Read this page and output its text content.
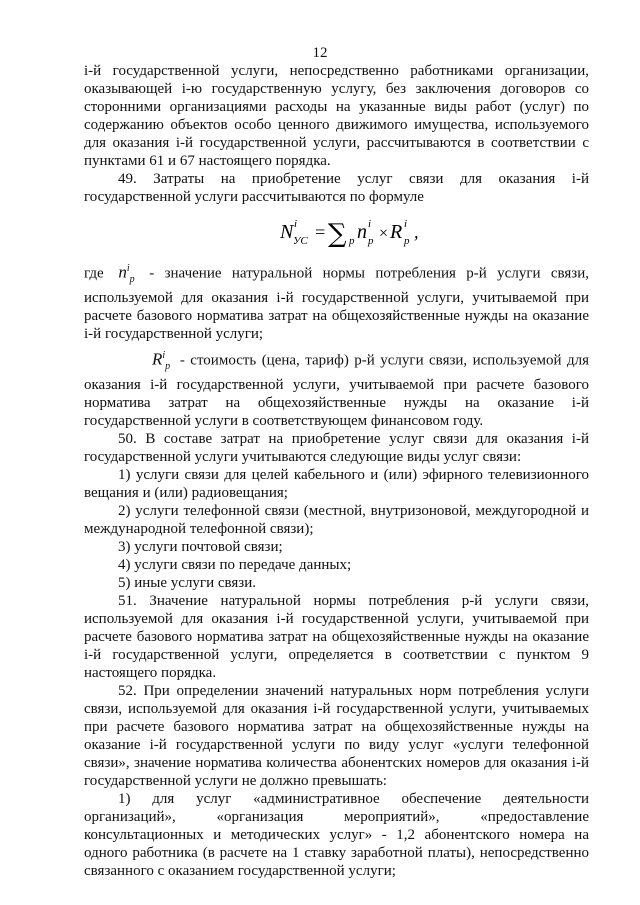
12

i-й государственной услуги, непосредственно работниками организации, оказывающей i-ю государственную услугу, без заключения договоров со сторонними организациями расходы на указанные виды работ (услуг) по содержанию объектов особо ценного движимого имущества, используемого для оказания i-й государственной услуги, рассчитываются в соответствии с пунктами 61 и 67 настоящего порядка.

49. Затраты на приобретение услуг связи для оказания i-й государственной услуги рассчитываются по формуле

N i
УС = ∑ p n i
p × R i
p ,

где  $n^i_p$ - значение натуральной нормы потребления р-й услуги связи, используемой для оказания i-й государственной услуги, учитываемой при расчете базового норматива затрат на общехозяйственные нужды на оказание i-й государственной услуги;

$R^i_p$ - стоимость (цена, тариф) р-й услуги связи, используемой для оказания i-й государственной услуги, учитываемой при расчете базового норматива затрат на общехозяйственные нужды на оказание i-й государственной услуги в соответствующем финансовом году.

50. В составе затрат на приобретение услуг связи для оказания i-й государственной услуги учитываются следующие виды услуг связи:

1) услуги связи для целей кабельного и (или) эфирного телевизионного вещания и (или) радиовещания;

2) услуги телефонной связи (местной, внутризоновой, междугородной и международной телефонной связи);

3) услуги почтовой связи;

4) услуги связи по передаче данных;

5) иные услуги связи.

51. Значение натуральной нормы потребления р-й услуги связи, используемой для оказания i-й государственной услуги, учитываемой при расчете базового норматива затрат на общехозяйственные нужды на оказание i-й государственной услуги, определяется в соответствии с пунктом 9 настоящего порядка.

52. При определении значений натуральных норм потребления услуги связи, используемой для оказания i-й государственной услуги, учитываемых при расчете базового норматива затрат на общехозяйственные нужды на оказание i-й государственной услуги по виду услуг «услуги телефонной связи», значение норматива количества абонентских номеров для оказания i-й государственной услуги не должно превышать:

1) для услуг «административное обеспечение деятельности организаций», «организация мероприятий», «предоставление консультационных и методических услуг» - 1,2 абонентского номера на одного работника (в расчете на 1 ставку заработной платы), непосредственно связанного с оказанием государственной услуги;
